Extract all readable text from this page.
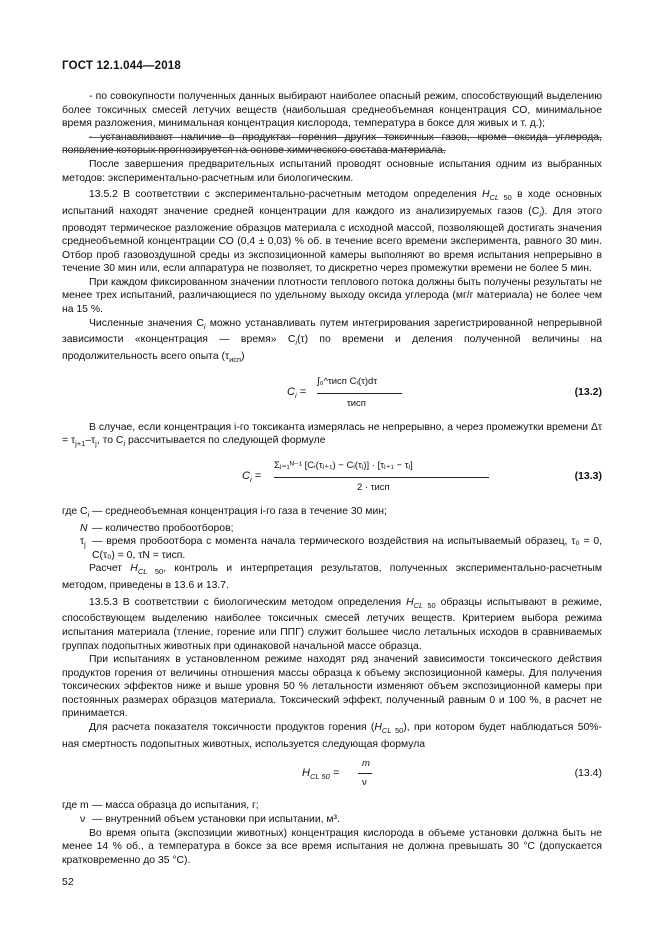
ГОСТ 12.1.044—2018

- по совокупности полученных данных выбирают наиболее опасный режим, способствующий выделению более токсичных смесей летучих веществ (наибольшая среднеобъемная концентрация СО, минимальное время разложения, минимальная концентрация кислорода, температура в боксе для живых и т. д.);

- устанавливают наличие в продуктах горения других токсичных газов, кроме оксида углерода, появление которых прогнозируется на основе химического состава материала.

После завершения предварительных испытаний проводят основные испытания одним из выбранных методов: экспериментально-расчетным или биологическим.

13.5.2 В соответствии с экспериментально-расчетным методом определения $H_{CL 50}$ в ходе основных испытаний находят значение средней концентрации для каждого из анализируемых газов $(C_i)$. Для этого проводят термическое разложение образцов материала с исходной массой, позволяющей достигать значения среднеобъемной концентрации СО (0,4 ± 0,03) % об. в течение всего времени эксперимента, равного 30 мин. Отбор проб газовоздушной среды из экспозиционной камеры выполняют во время испытания непрерывно в течение 30 мин или, если аппаратура не позволяет, то дискретно через промежутки времени не более 5 мин.

При каждом фиксированном значении плотности теплового потока должны быть получены результаты не менее трех испытаний, различающиеся по удельному выходу оксида углерода (мг/г материала) не более чем на 15 %.

Численные значения $C_i$ можно устанавливать путем интегрирования зарегистрированной непрерывной зависимости «концентрация — время» $C_i(\tau)$ по времени и деления полученной величины на продолжительность всего опыта $(\tau_{исп})$

$C_i$ =
∫₀^τисп Cᵢ(τ)dτ
τисп
(13.2)

В случае, если концентрация i-го токсиканта измерялась не непрерывно, а через промежутки времени $\Delta\tau = \tau_{j+1}-\tau_j$, то $C_i$ рассчитывается по следующей формуле

$C_i$ =
Σⱼ₌₁ᴺ⁻¹ [Cᵢ(τⱼ₊₁) − Cᵢ(τⱼ)] · [τⱼ₊₁ − τⱼ]
2 · τисп
(13.3)
где $C_i$ — среднеобъемная концентрация i-го газа в течение 30 мин;
N — количество пробоотборов;
$\tau_j$ — время пробоотбора с момента начала термического воздействия на испытываемый образец, τ₀ = 0, C(τ₀) = 0, τN = τисп.

Расчет $H_{CL 50}$, контроль и интерпретация результатов, полученных экспериментально-расчетным методом, приведены в 13.6 и 13.7.

13.5.3 В соответствии с биологическим методом определения $H_{CL 50}$ образцы испытывают в режиме, способствующем выделению наиболее токсичных смесей летучих веществ. Критерием выбора режима испытания материала (тление, горение или ППГ) служит большее число летальных исходов в сравниваемых группах подопытных животных при одинаковой начальной массе образца.

При испытаниях в установленном режиме находят ряд значений зависимости токсического действия продуктов горения от величины отношения массы образца к объему экспозиционной камеры. Для получения токсических эффектов ниже и выше уровня 50 % летальности изменяют объем экспозиционной камеры при постоянных размерах образцов материала. Токсический эффект, полученный равным 0 и 100 %, в расчет не принимается.

Для расчета показателя токсичности продуктов горения $(H_{CL 50})$, при котором будет наблюдаться 50%-ная смертность подопытных животных, используется следующая формула

$H_{CL 50}$ =
m
ν
(13.4)
где m — масса образца до испытания, г;
ν — внутренний объем установки при испытании, м³.

Во время опыта (экспозиции животных) концентрация кислорода в объеме установки должна быть не менее 14 % об., а температура в боксе за все время испытания не должна превышать 30 °С (допускается кратковременно до 35 °С).

52
